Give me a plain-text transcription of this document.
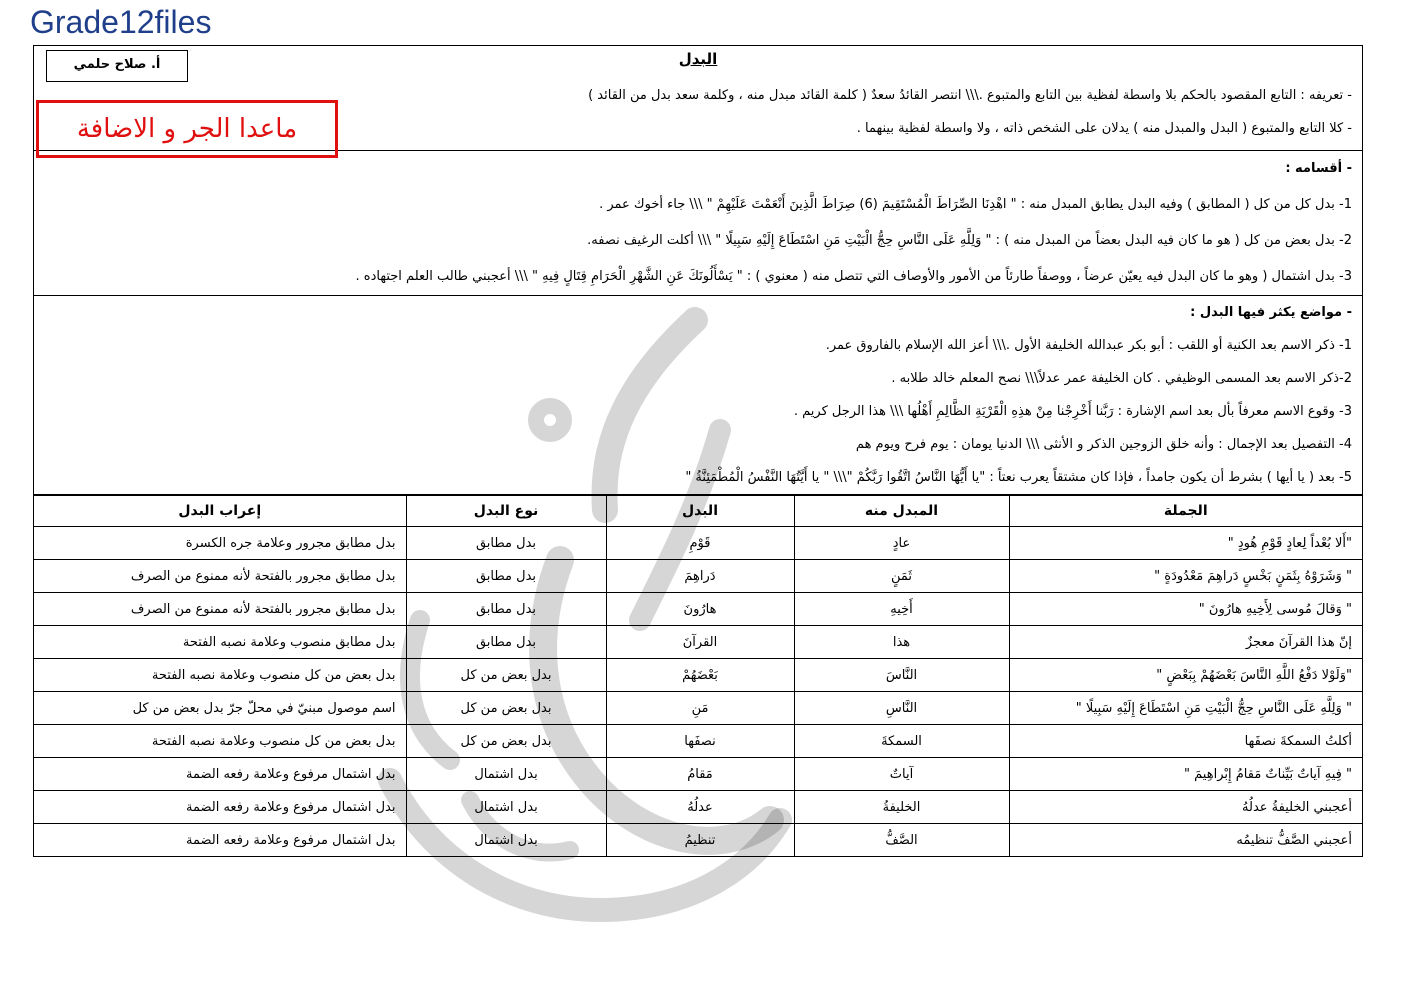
Grade12files
البدل
أ. صلاح حلمي
ماعدا الجر و الاضافة
- تعريفه : التابع المقصود بالحكم بلا واسطة لفظية بين التابع والمتبوع .\\\ انتصر القائدُ سعدٌ ( كلمة القائد مبدل منه ، وكلمة سعد بدل من القائد )
- كلا التابع والمتبوع ( البدل والمبدل منه ) يدلان على الشخص ذاته ، ولا واسطة لفظية بينهما .
- أقسامه :
1- بدل كل من كل ( المطابق ) وفيه البدل يطابق المبدل منه : " اهْدِنَا الصِّرَاطَ الْمُسْتَقِيمَ (6) صِرَاطَ الَّذِينَ أَنْعَمْتَ عَلَيْهِمْ " \\\ جاء أخوك عمر .
2- بدل بعض من كل ( هو ما كان فيه البدل بعضاً من المبدل منه ) : " وَلِلَّهِ عَلَى النَّاسِ حِجُّ الْبَيْتِ مَنِ اسْتَطَاعَ إِلَيْهِ سَبِيلًا " \\\ أكلت الرغيف نصفه.
3- بدل اشتمال ( وهو ما كان البدل فيه يعيّن عرضاً ، ووصفاً طارئاً من الأمور والأوصاف التي تتصل منه ( معنوي ) : " يَسْأَلُونَكَ عَنِ الشَّهْرِ الْحَرَامِ قِتَالٍ فِيهِ " \\\ أعجبني طالب العلم اجتهاده .
- مواضع يكثر فيها البدل :
1- ذكر الاسم بعد الكنية أو اللقب : أبو بكر عبدالله الخليفة الأول .\\\ أعز الله الإسلام بالفاروق عمر.
2-ذكر الاسم بعد المسمى الوظيفي . كان الخليفة عمر عدلاً\\\ نصح المعلم خالد طلابه .
3- وقوع الاسم معرفاً بأل بعد اسم الإشارة : رَبَّنا أَخْرِجْنا مِنْ هذِهِ الْقَرْيَةِ الظَّالِمِ أَهْلُها \\\ هذا الرجل كريم .
4- التفصيل بعد الإجمال : وأنه خلق الزوجين الذكر و الأنثى \\\ الدنيا يومان : يوم فرح ويوم هم
5- بعد ( يا أيها ) بشرط أن يكون جامداً ، فإذا كان مشتقاً يعرب نعتاً : "يا أَيُّهَا النَّاسُ اتَّقُوا رَبَّكُمْ "\\\ " يا أَيَّتُهَا النَّفْسُ الْمُطْمَئِنَّةُ "
الجملة	المبدل منه	البدل	نوع البدل	إعراب البدل
"أَلا بُعْداً لِعادٍ قَوْمِ هُودٍ "	عادٍ	قَوْمِ	بدل مطابق	بدل مطابق مجرور وعلامة جره الكسرة
" وَشَرَوْهُ بِثَمَنٍ بَخْسٍ دَراهِمَ مَعْدُودَةٍ "	ثَمَنٍ	دَراهِمَ	بدل مطابق	بدل مطابق مجرور بالفتحة لأنه ممنوع من الصرف
" وَقالَ مُوسى لِأَخِيهِ هارُونَ "	أَخِيهِ	هارُونَ	بدل مطابق	بدل مطابق مجرور بالفتحة لأنه ممنوع من الصرف
إنّ هذا القرآنَ معجزٌ	هذا	القرآنَ	بدل مطابق	بدل مطابق منصوب وعلامة نصبه الفتحة
"وَلَوْلا دَفْعُ اللَّهِ النَّاسَ بَعْضَهُمْ بِبَعْضٍ "	النَّاسَ	بَعْضَهُمْ	بدل بعض من كل	بدل بعض من كل منصوب وعلامة نصبه الفتحة
" وَلِلَّهِ عَلَى النَّاسِ حِجُّ الْبَيْتِ مَنِ اسْتَطَاعَ إِلَيْهِ سَبِيلًا "	النَّاسِ	مَنِ	بدل بعض من كل	اسم موصول مبنيّ في محلّ جرّ بدل بعض من كل
أكلتُ السمكةَ نصفَها	السمكةَ	نصفَها	بدل بعض من كل	بدل بعض من كل منصوب وعلامة نصبه الفتحة
" فِيهِ آياتٌ بَيِّناتٌ مَقامُ إِبْراهِيمَ "	آياتٌ	مَقامُ	بدل اشتمال	بدل اشتمال مرفوع وعلامة رفعه الضمة
أعجبني الخليفةُ عدلُهُ	الخليفةُ	عدلُهُ	بدل اشتمال	بدل اشتمال مرفوع وعلامة رفعه الضمة
أعجبني الصَّفُّ تنظيمُه	الصَّفُّ	تنظيمُ	بدل اشتمال	بدل اشتمال مرفوع وعلامة رفعه الضمة
